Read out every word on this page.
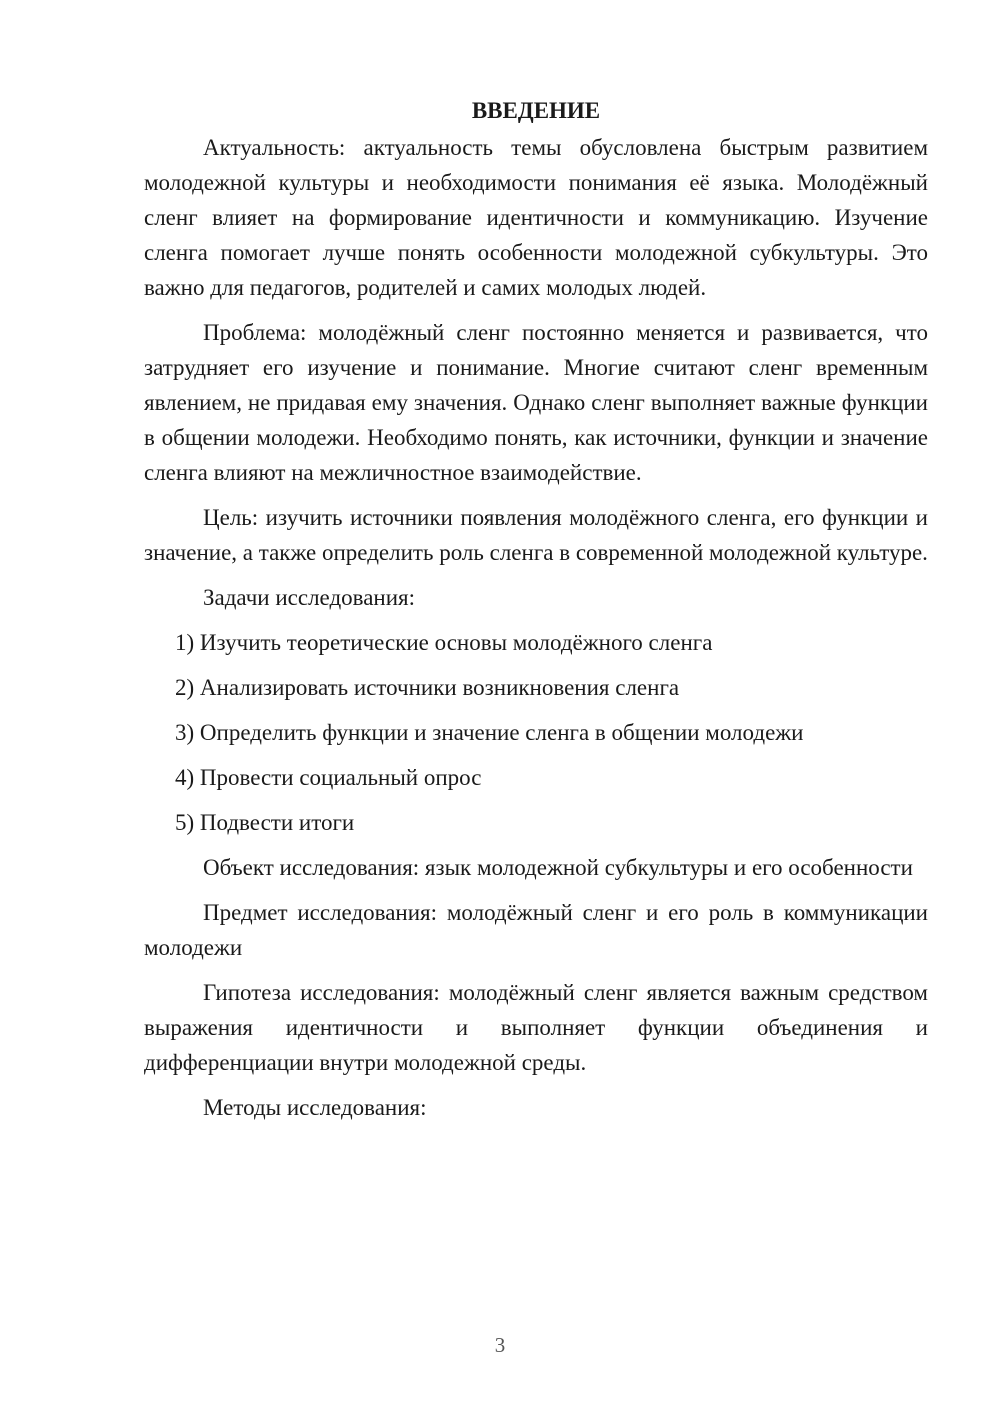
ВВЕДЕНИЕ

Актуальность: актуальность темы обусловлена быстрым развитием молодежной культуры и необходимости понимания её языка. Молодёжный сленг влияет на формирование идентичности и коммуникацию. Изучение сленга помогает лучше понять особенности молодежной субкультуры. Это важно для педагогов, родителей и самих молодых людей.

Проблема: молодёжный сленг постоянно меняется и развивается, что затрудняет его изучение и понимание. Многие считают сленг временным явлением, не придавая ему значения. Однако сленг выполняет важные функции в общении молодежи. Необходимо понять, как источники, функции и значение сленга влияют на межличностное взаимодействие.

Цель: изучить источники появления молодёжного сленга, его функции и значение, а также определить роль сленга в современной молодежной культуре.

Задачи исследования:

1) Изучить теоретические основы молодёжного сленга
2) Анализировать источники возникновения сленга
3) Определить функции и значение сленга в общении молодежи
4) Провести социальный опрос
5) Подвести итоги

Объект исследования: язык молодежной субкультуры и его особенности

Предмет исследования: молодёжный сленг и его роль в коммуникации молодежи

Гипотеза исследования: молодёжный сленг является важным средством выражения идентичности и выполняет функции объединения и дифференциации внутри молодежной среды.

Методы исследования:

3
